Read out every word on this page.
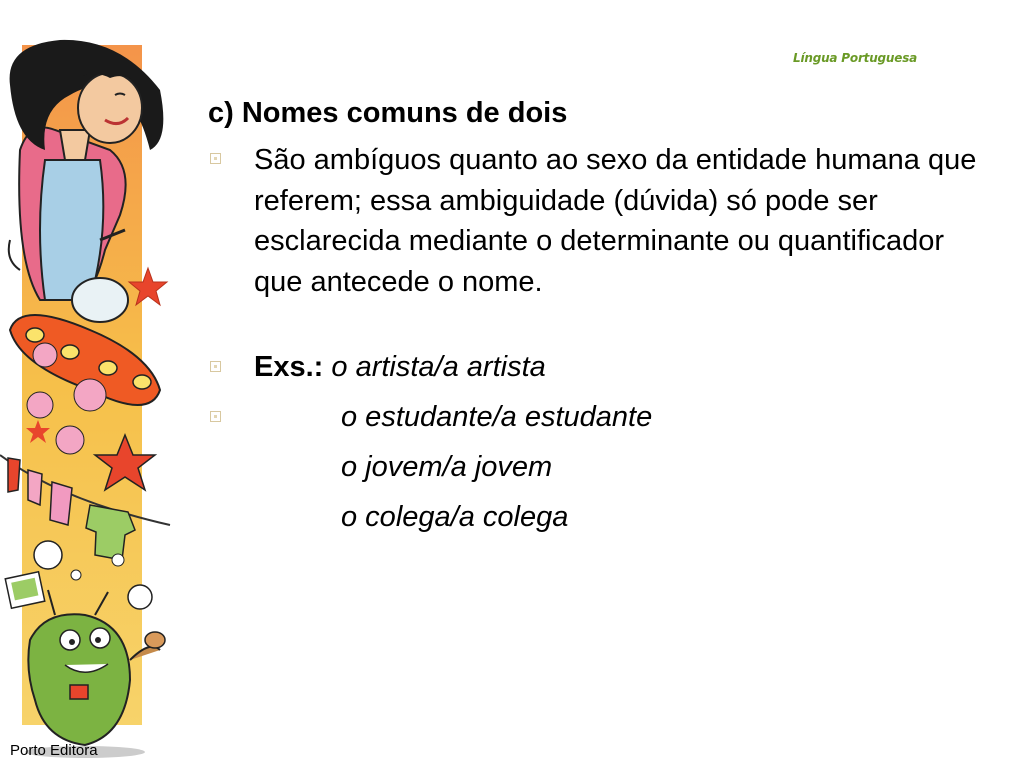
Língua Portuguesa
c) Nomes comuns de dois
São ambíguos quanto ao sexo da entidade humana que referem; essa ambiguidade (dúvida) só pode ser esclarecida mediante o determinante ou quantificador que antecede o nome.
Exs.: o artista/a artista
o estudante/a estudante
o jovem/a jovem
o colega/a colega
Porto Editora
